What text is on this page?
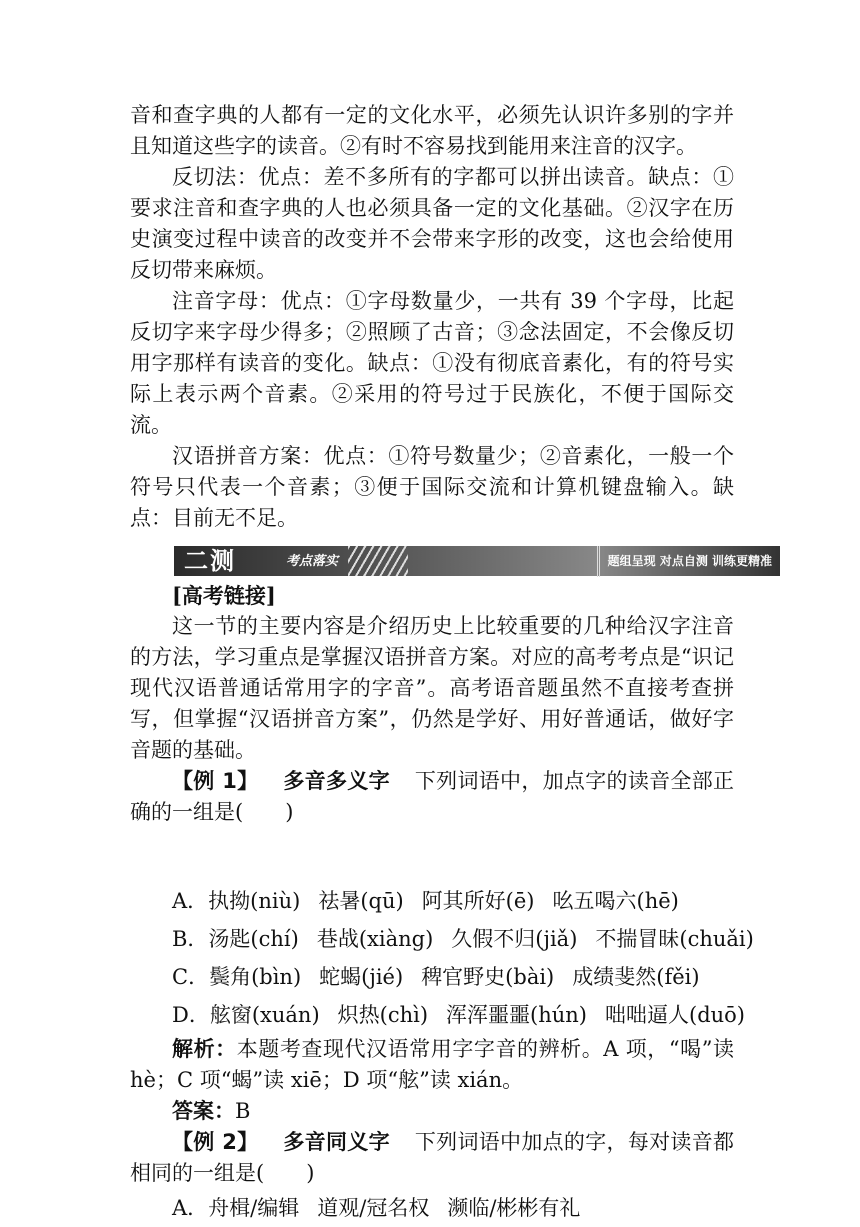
音和查字典的人都有一定的文化水平，必须先认识许多别的字并且知道这些字的读音。②有时不容易找到能用来注音的汉字。

反切法：优点：差不多所有的字都可以拼出读音。缺点：①要求注音和查字典的人也必须具备一定的文化基础。②汉字在历史演变过程中读音的改变并不会带来字形的改变，这也会给使用反切带来麻烦。

注音字母：优点：①字母数量少，一共有 39 个字母，比起反切字来字母少得多；②照顾了古音；③念法固定，不会像反切用字那样有读音的变化。缺点：①没有彻底音素化，有的符号实际上表示两个音素。②采用的符号过于民族化，不便于国际交流。

汉语拼音方案：优点：①符号数量少；②音素化，一般一个符号只代表一个音素；③便于国际交流和计算机键盘输入。缺点：目前无不足。

二测	考点落实	题组呈现 对点自测 训练更精准

[高考链接]

这一节的主要内容是介绍历史上比较重要的几种给汉字注音的方法，学习重点是掌握汉语拼音方案。对应的高考考点是“识记现代汉语普通话常用字的字音”。高考语音题虽然不直接考查拼写，但掌握“汉语拼音方案”，仍然是学好、用好普通话，做好字音题的基础。

【例 1】 多音多义字 下列词语中，加点字的读音全部正确的一组是(　　)

A．执拗(niù) 祛暑(qū) 阿其所好(ē) 吆五喝六(hē)

B．汤匙(chí) 巷战(xiàng) 久假不归(jiǎ) 不揣冒昧(chuǎi)

C．鬓角(bìn) 蛇蝎(jié) 稗官野史(bài) 成绩斐然(fěi)

D．舷窗(xuán) 炽热(chì) 浑浑噩噩(hún) 咄咄逼人(duō)

解析：本题考查现代汉语常用字字音的辨析。A 项，“喝”读 hè；C 项“蝎”读 xiē；D 项“舷”读 xián。

答案：B

【例 2】 多音同义字 下列词语中加点的字，每对读音都相同的一组是(　　)

A．舟楫/编辑 道观/冠名权 濒临/彬彬有礼
